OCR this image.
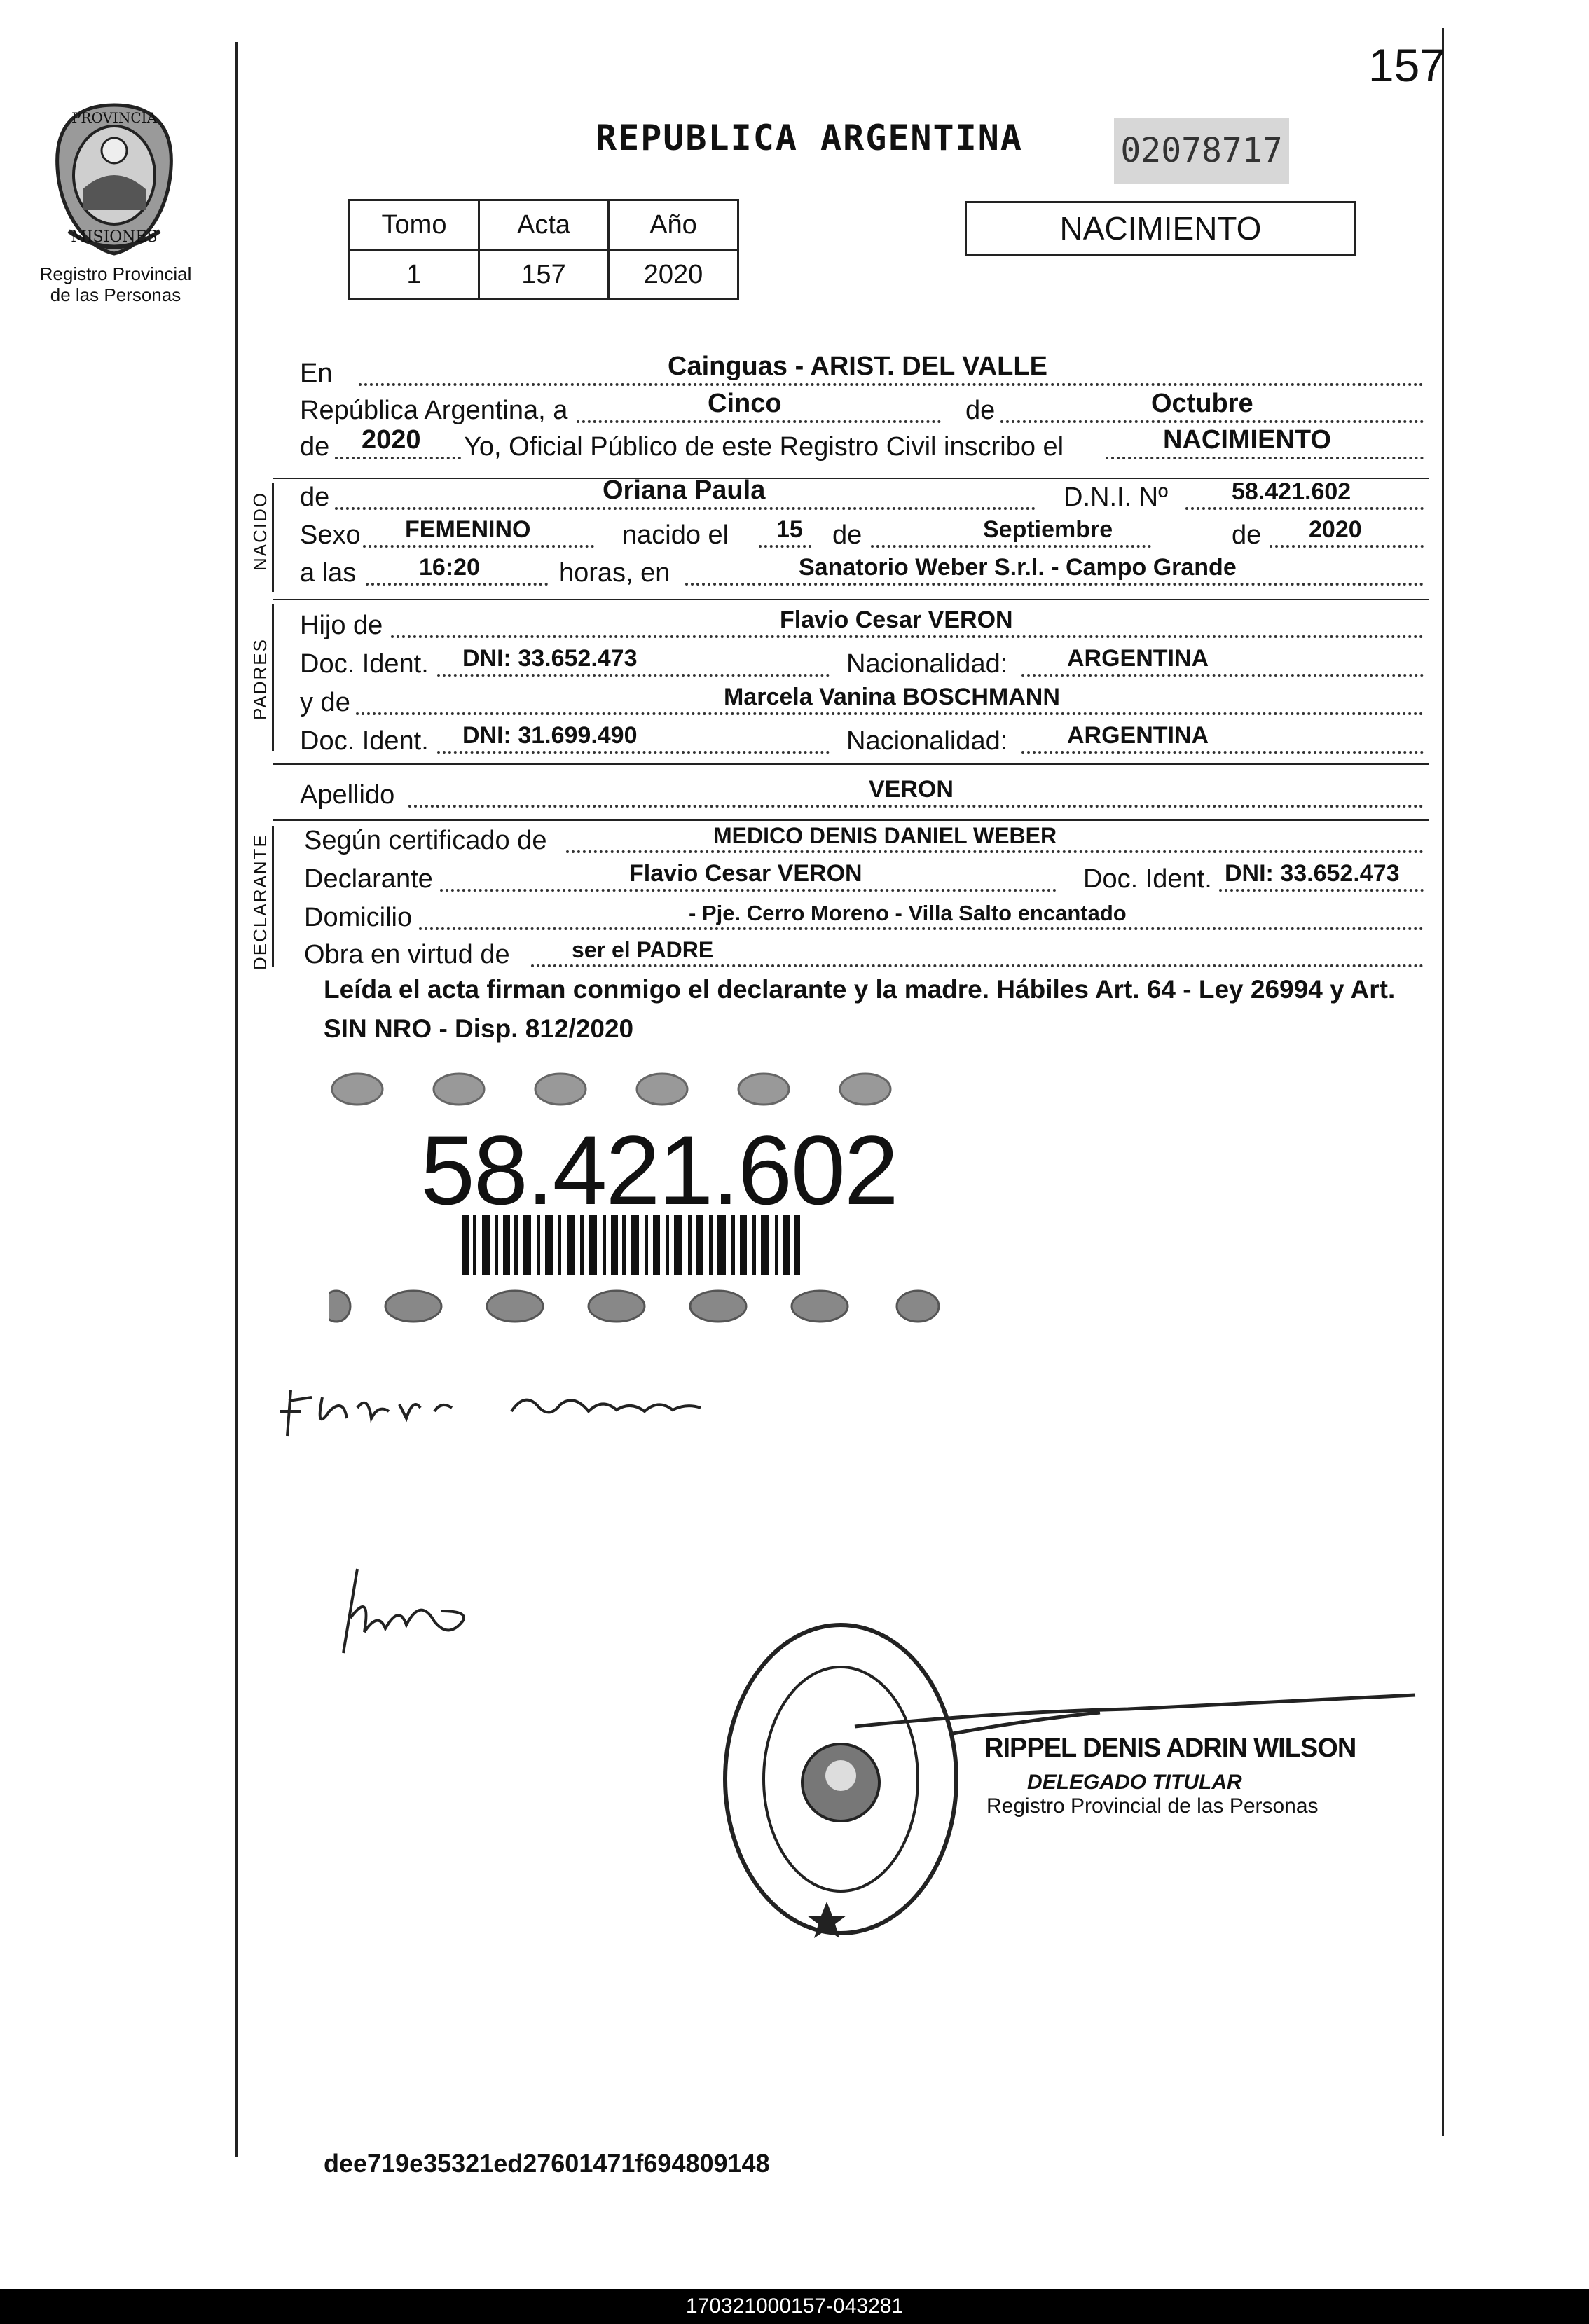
PROVINCIA
MISIONES
Registro Provincial
de las Personas
157
REPUBLICA ARGENTINA	02078717
Tomo	Acta	Año
1	157	2020
NACIMIENTO
En	Cainguas - ARIST. DEL VALLE
República Argentina, a	Cinco	de	Octubre
de 2020 Yo, Oficial Público de este Registro Civil inscribo el	NACIMIENTO
NACIDO de	Oriana Paula	D.N.I. Nº	58.421.602
Sexo FEMENINO	nacido el 15 de	Septiembre	de 2020
a las	16:20	horas, en	Sanatorio Weber S.r.l. - Campo Grande
PADRES
Hijo de	Flavio Cesar VERON
Doc. Ident. DNI: 33.652.473	Nacionalidad: ARGENTINA
y de	Marcela Vanina BOSCHMANN
Doc. Ident. DNI: 31.699.490	Nacionalidad: ARGENTINA
Apellido	VERON
DECLARANTE Según certificado de	MEDICO DENIS DANIEL WEBER
Declarante	Flavio Cesar VERON	Doc. Ident. DNI: 33.652.473
Domicilio	- Pje. Cerro Moreno - Villa Salto encantado
Obra en virtud de	ser el PADRE
Leída el acta firman conmigo el declarante y la madre. Hábiles Art. 64 - Ley 26994 y Art. SIN NRO - Disp. 812/2020
58.421.602
RIPPEL DENIS ADRIN WILSON
DELEGADO TITULAR
Registro Provincial de las Personas
dee719e35321ed27601471f694809148
170321000157-043281
